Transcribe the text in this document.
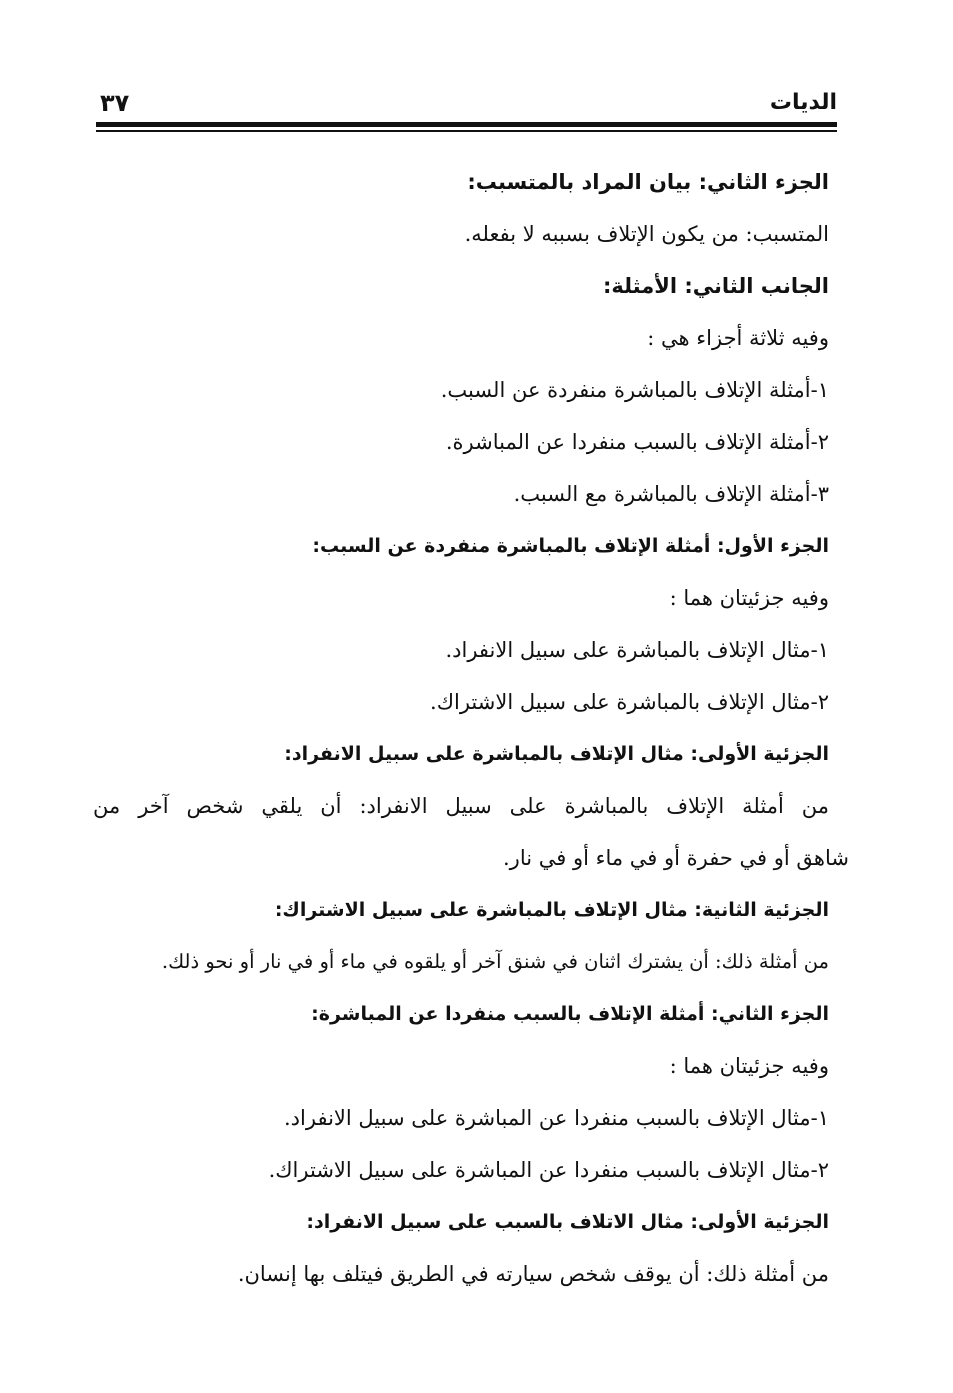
الديات
٣٧
الجزء الثاني: بيان المراد بالمتسبب:
المتسبب: من يكون الإتلاف بسببه لا بفعله.
الجانب الثاني: الأمثلة:
وفيه ثلاثة أجزاء هي :
١-أمثلة الإتلاف بالمباشرة منفردة عن السبب.
٢-أمثلة الإتلاف بالسبب منفردا عن المباشرة.
٣-أمثلة الإتلاف بالمباشرة مع السبب.
الجزء الأول: أمثلة الإتلاف بالمباشرة منفردة عن السبب:
وفيه جزئيتان هما :
١-مثال الإتلاف بالمباشرة على سبيل الانفراد.
٢-مثال الإتلاف بالمباشرة على سبيل الاشتراك.
الجزئية الأولى: مثال الإتلاف بالمباشرة على سبيل الانفراد:
من أمثلة الإتلاف بالمباشرة على سبيل الانفراد: أن يلقي شخص آخر من
شاهق أو في حفرة أو في ماء أو في نار.
الجزئية الثانية: مثال الإتلاف بالمباشرة على سبيل الاشتراك:
من أمثلة ذلك: أن يشترك اثنان في شنق آخر أو يلقوه في ماء أو في نار أو نحو ذلك.
الجزء الثاني: أمثلة الإتلاف بالسبب منفردا عن المباشرة:
وفيه جزئيتان هما :
١-مثال الإتلاف بالسبب منفردا عن المباشرة على سبيل الانفراد.
٢-مثال الإتلاف بالسبب منفردا عن المباشرة على سبيل الاشتراك.
الجزئية الأولى: مثال الاتلاف بالسبب على سبيل الانفراد:
من أمثلة ذلك: أن يوقف شخص سيارته في الطريق فيتلف بها إنسان.
